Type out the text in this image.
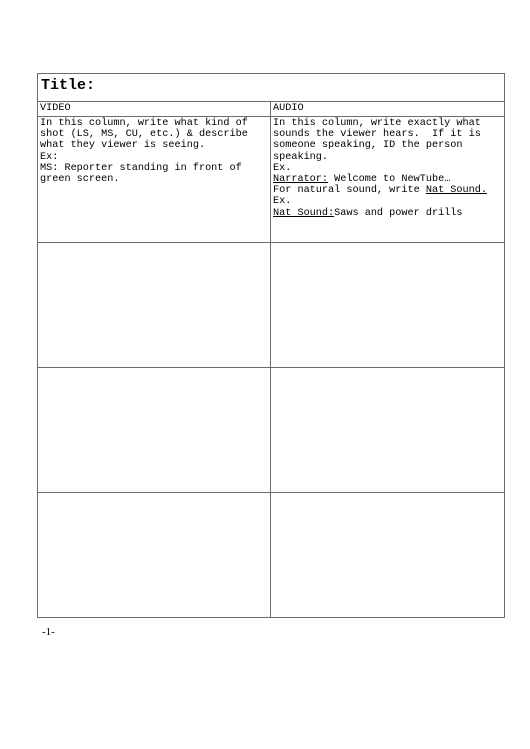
Title:
VIDEO	AUDIO
In this column, write what kind of
shot (LS, MS, CU, etc.) & describe
what they viewer is seeing.
Ex:
MS: Reporter standing in front of
green screen.
In this column, write exactly what
sounds the viewer hears.  If it is
someone speaking, ID the person
speaking.
Ex.
Narrator: Welcome to NewTube…
For natural sound, write Nat Sound.
Ex.
Nat Sound:Saws and power drills
-1-
